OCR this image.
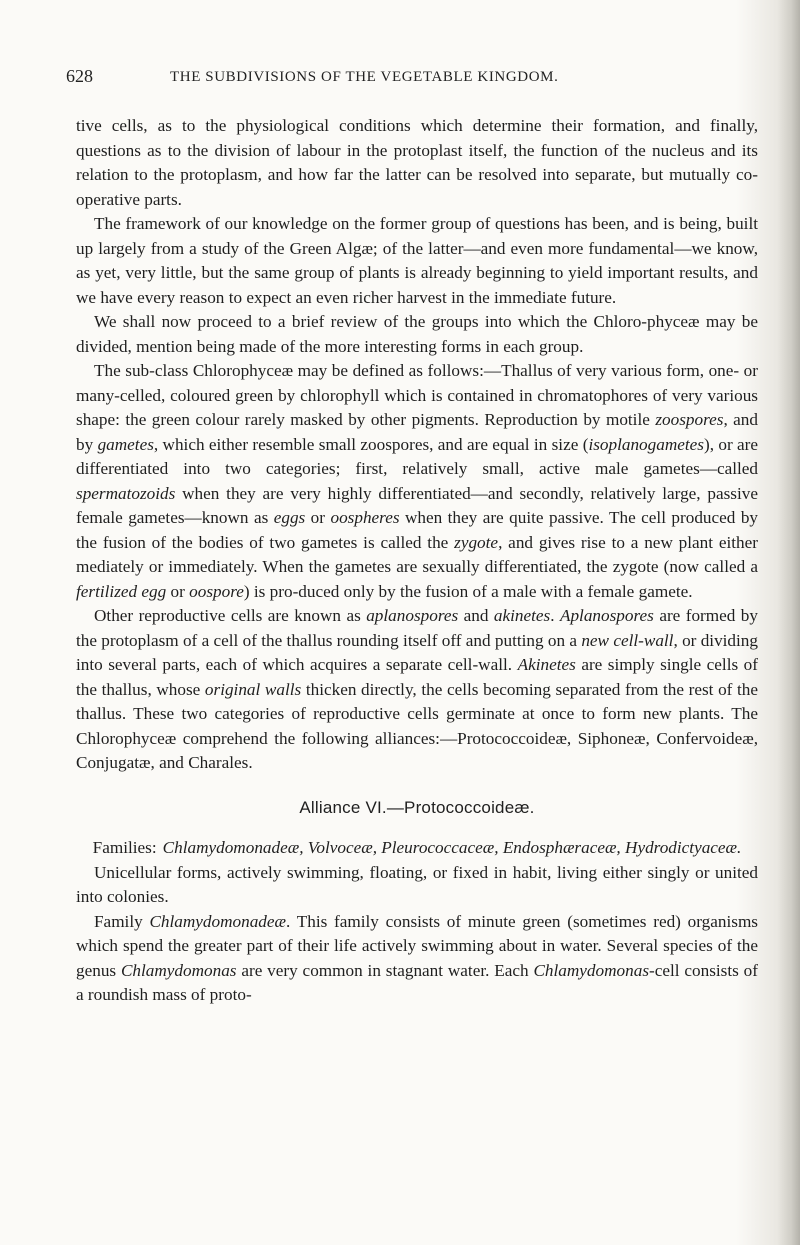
628	THE SUBDIVISIONS OF THE VEGETABLE KINGDOM.

tive cells, as to the physiological conditions which determine their formation, and finally, questions as to the division of labour in the protoplast itself, the function of the nucleus and its relation to the protoplasm, and how far the latter can be resolved into separate, but mutually co-operative parts.

The framework of our knowledge on the former group of questions has been, and is being, built up largely from a study of the Green Algæ; of the latter—and even more fundamental—we know, as yet, very little, but the same group of plants is already beginning to yield important results, and we have every reason to expect an even richer harvest in the immediate future.

We shall now proceed to a brief review of the groups into which the Chloro-phyceæ may be divided, mention being made of the more interesting forms in each group.

The sub-class Chlorophyceæ may be defined as follows:—Thallus of very various form, one- or many-celled, coloured green by chlorophyll which is contained in chromatophores of very various shape: the green colour rarely masked by other pigments. Reproduction by motile zoospores, and by gametes, which either resemble small zoospores, and are equal in size (isoplanogametes), or are differentiated into two categories; first, relatively small, active male gametes—called spermatozoids when they are very highly differentiated—and secondly, relatively large, passive female gametes—known as eggs or oospheres when they are quite passive. The cell produced by the fusion of the bodies of two gametes is called the zygote, and gives rise to a new plant either mediately or immediately. When the gametes are sexually differentiated, the zygote (now called a fertilized egg or oospore) is pro-duced only by the fusion of a male with a female gamete.

Other reproductive cells are known as aplanospores and akinetes. Aplanospores are formed by the protoplasm of a cell of the thallus rounding itself off and putting on a new cell-wall, or dividing into several parts, each of which acquires a separate cell-wall. Akinetes are simply single cells of the thallus, whose original walls thicken directly, the cells becoming separated from the rest of the thallus. These two categories of reproductive cells germinate at once to form new plants. The Chlorophyceæ comprehend the following alliances:—Protococcoideæ, Siphoneæ, Confervoideæ, Conjugatæ, and Charales.

Alliance VI.—Protococcoideæ.

Families: Chlamydomonadeæ, Volvoceæ, Pleurococcaceæ, Endosphæraceæ, Hydrodictyaceæ.

Unicellular forms, actively swimming, floating, or fixed in habit, living either singly or united into colonies.

Family Chlamydomonadeæ. This family consists of minute green (sometimes red) organisms which spend the greater part of their life actively swimming about in water. Several species of the genus Chlamydomonas are very common in stagnant water. Each Chlamydomonas-cell consists of a roundish mass of proto-
